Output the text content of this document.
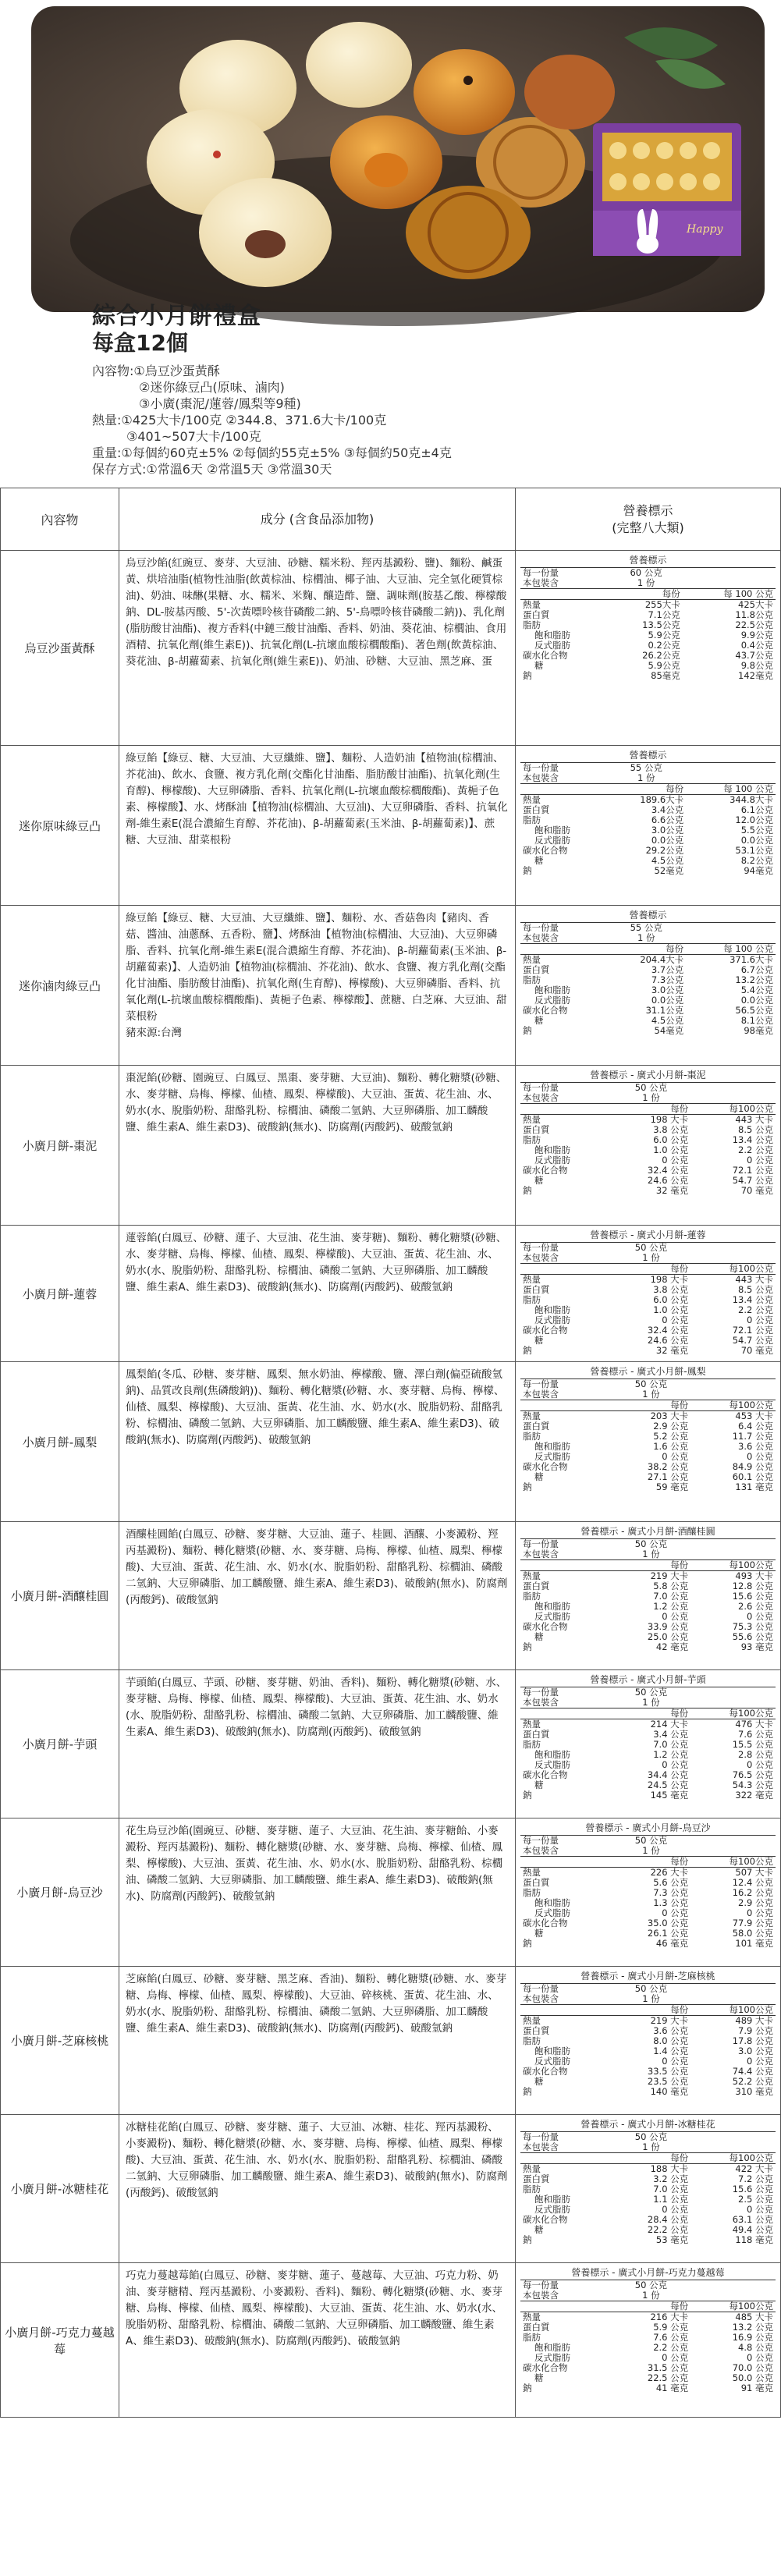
Happy
綜合小月餅禮盒
每盒12個
內容物:①烏豆沙蛋黃酥
②迷你綠豆凸(原味、滷肉)
③小廣(棗泥/蓮蓉/鳳梨等9種)
熱量:①425大卡/100克 ②344.8、371.6大卡/100克
③401~507大卡/100克
重量:①每個約60克±5% ②每個約55克±5% ③每個約50克±4克
保存方式:①常溫6天 ②常溫5天 ③常溫30天
內容物	成分 (含食品添加物)	
營養標示
(完整八大類)

烏豆沙蛋黃酥	烏豆沙餡(紅豌豆、麥芽、大豆油、砂糖、糯米粉、羥丙基澱粉、鹽)、麵粉、鹹蛋黃、烘培油脂(植物性油脂(飲黃棕油、棕櫚油、椰子油、大豆油、完全氫化硬質棕油)、奶油、味醂(果糖、水、糯米、米麴、釀造酢、鹽、調味劑(胺基乙酸、檸檬酸鈉、DL-胺基丙酸、5'-次黃嘌呤核苷磷酸二鈉、5'-鳥嘌呤核苷磷酸二鈉))、乳化劑(脂肪酸甘油酯)、複方香料(中鏈三酸甘油酯、香料、奶油、葵花油、棕櫚油、食用酒精、抗氧化劑(維生素E))、抗氧化劑(L-抗壞血酸棕櫚酸酯)、著色劑(飲黃棕油、葵花油、β-胡蘿蔔素、抗氧化劑(維生素E))、奶油、砂糖、大豆油、黑芝麻、蛋	
營養標示
每一份量	60 公克	
本包裝含	1 份	
	每份	每 100 公克
熱量	255大卡	425大卡
蛋白質	7.1公克	11.8公克
脂肪	13.5公克	22.5公克
飽和脂肪	5.9公克	9.9公克
反式脂肪	0.2公克	0.4公克
碳水化合物	26.2公克	43.7公克
糖	5.9公克	9.8公克
鈉	85毫克	142毫克

迷你原味綠豆凸	綠豆餡【綠豆、糖、大豆油、大豆纖維、鹽】、麵粉、人造奶油【植物油(棕櫚油、芥花油)、飲水、食鹽、複方乳化劑(交酯化甘油酯、脂肪酸甘油酯)、抗氧化劑(生育醇)、檸檬酸)、大豆卵磷脂、香料、抗氧化劑(L-抗壞血酸棕櫚酸酯)、黃梔子色素、檸檬酸】、水、烤酥油【植物油(棕櫚油、大豆油)、大豆卵磷脂、香料、抗氧化劑-維生素E(混合濃縮生育醇、芥花油)、β-胡蘿蔔素(玉米油、β-胡蘿蔔素)】、蔗糖、大豆油、甜菜根粉	
營養標示
每一份量	55 公克	
本包裝含	1 份	
	每份	每 100 公克
熱量	189.6大卡	344.8大卡
蛋白質	3.4公克	6.1公克
脂肪	6.6公克	12.0公克
飽和脂肪	3.0公克	5.5公克
反式脂肪	0.0公克	0.0公克
碳水化合物	29.2公克	53.1公克
糖	4.5公克	8.2公克
鈉	52毫克	94毫克

迷你滷肉綠豆凸	綠豆餡【綠豆、糖、大豆油、大豆纖維、鹽】、麵粉、水、香菇魯肉【豬肉、香菇、醬油、油蔥酥、五香粉、鹽】、烤酥油【植物油(棕櫚油、大豆油)、大豆卵磷脂、香料、抗氧化劑-維生素E(混合濃縮生育醇、芥花油)、β-胡蘿蔔素(玉米油、β-胡蘿蔔素)】、人造奶油【植物油(棕櫚油、芥花油)、飲水、食鹽、複方乳化劑(交酯化甘油酯、脂肪酸甘油酯)、抗氧化劑(生育醇)、檸檬酸)、大豆卵磷脂、香料、抗氧化劑(L-抗壞血酸棕櫚酸酯)、黃梔子色素、檸檬酸】、蔗糖、白芝麻、大豆油、甜菜根粉
豬來源:台灣	
營養標示
每一份量	55 公克	
本包裝含	1 份	
	每份	每 100 公克
熱量	204.4大卡	371.6大卡
蛋白質	3.7公克	6.7公克
脂肪	7.3公克	13.2公克
飽和脂肪	3.0公克	5.4公克
反式脂肪	0.0公克	0.0公克
碳水化合物	31.1公克	56.5公克
糖	4.5公克	8.1公克
鈉	54毫克	98毫克

小廣月餅-棗泥	棗泥餡(砂糖、園豌豆、白鳳豆、黑棗、麥芽糖、大豆油)、麵粉、轉化糖漿(砂糖、水、麥芽糖、烏梅、檸檬、仙楂、鳳梨、檸檬酸)、大豆油、蛋黃、花生油、水、奶水(水、脫脂奶粉、甜酪乳粉、棕櫚油、磷酸二氫鈉、大豆卵磷脂、加工麟酸鹽、維生素A、維生素D3)、破酸鈉(無水)、防腐劑(丙酸鈣)、破酸氫鈉	
營養標示 - 廣式小月餅-棗泥
每一份量	50 公克	
本包裝含	1 份	
	每份	每100公克
熱量	198 大卡	443 大卡
蛋白質	3.8 公克	8.5 公克
脂肪	6.0 公克	13.4 公克
飽和脂肪	1.0 公克	2.2 公克
反式脂肪	0 公克	0 公克
碳水化合物	32.4 公克	72.1 公克
糖	24.6 公克	54.7 公克
鈉	32 毫克	70 毫克

小廣月餅-蓮蓉	蓮蓉餡(白鳳豆、砂糖、蓮子、大豆油、花生油、麥芽糖)、麵粉、轉化糖漿(砂糖、水、麥芽糖、烏梅、檸檬、仙楂、鳳梨、檸檬酸)、大豆油、蛋黃、花生油、水、奶水(水、脫脂奶粉、甜酪乳粉、棕櫚油、磷酸二氫鈉、大豆卵磷脂、加工麟酸鹽、維生素A、維生素D3)、破酸鈉(無水)、防腐劑(丙酸鈣)、破酸氫鈉	
營養標示 - 廣式小月餅-蓮蓉
每一份量	50 公克	
本包裝含	1 份	
	每份	每100公克
熱量	198 大卡	443 大卡
蛋白質	3.8 公克	8.5 公克
脂肪	6.0 公克	13.4 公克
飽和脂肪	1.0 公克	2.2 公克
反式脂肪	0 公克	0 公克
碳水化合物	32.4 公克	72.1 公克
糖	24.6 公克	54.7 公克
鈉	32 毫克	70 毫克

小廣月餅-鳳梨	鳳梨餡(冬瓜、砂糖、麥芽糖、鳳梨、無水奶油、檸檬酸、鹽、澤白劑(偏亞硫酸氫鈉)、品質改良劑(焦磷酸鈉))、麵粉、轉化糖漿(砂糖、水、麥芽糖、烏梅、檸檬、仙楂、鳳梨、檸檬酸)、大豆油、蛋黃、花生油、水、奶水(水、脫脂奶粉、甜酪乳粉、棕櫚油、磷酸二氫鈉、大豆卵磷脂、加工麟酸鹽、維生素A、維生素D3)、破酸鈉(無水)、防腐劑(丙酸鈣)、破酸氫鈉	
營養標示 - 廣式小月餅-鳳梨
每一份量	50 公克	
本包裝含	1 份	
	每份	每100公克
熱量	203 大卡	453 大卡
蛋白質	2.9 公克	6.4 公克
脂肪	5.2 公克	11.7 公克
飽和脂肪	1.6 公克	3.6 公克
反式脂肪	0 公克	0 公克
碳水化合物	38.2 公克	84.9 公克
糖	27.1 公克	60.1 公克
鈉	59 毫克	131 毫克

小廣月餅-酒釀桂圓	酒釀桂圓餡(白鳳豆、砂糖、麥芽糖、大豆油、蓮子、桂圓、酒釀、小麥澱粉、羥丙基澱粉)、麵粉、轉化糖漿(砂糖、水、麥芽糖、烏梅、檸檬、仙楂、鳳梨、檸檬酸)、大豆油、蛋黃、花生油、水、奶水(水、脫脂奶粉、甜酪乳粉、棕櫚油、磷酸二氫鈉、大豆卵磷脂、加工麟酸鹽、維生素A、維生素D3)、破酸鈉(無水)、防腐劑(丙酸鈣)、破酸氫鈉	
營養標示 - 廣式小月餅-酒釀桂圓
每一份量	50 公克	
本包裝含	1 份	
	每份	每100公克
熱量	219 大卡	493 大卡
蛋白質	5.8 公克	12.8 公克
脂肪	7.0 公克	15.6 公克
飽和脂肪	1.2 公克	2.6 公克
反式脂肪	0 公克	0 公克
碳水化合物	33.9 公克	75.3 公克
糖	25.0 公克	55.6 公克
鈉	42 毫克	93 毫克

小廣月餅-芋頭	芋頭餡(白鳳豆、芋頭、砂糖、麥芽糖、奶油、香料)、麵粉、轉化糖漿(砂糖、水、麥芽糖、烏梅、檸檬、仙楂、鳳梨、檸檬酸)、大豆油、蛋黃、花生油、水、奶水(水、脫脂奶粉、甜酪乳粉、棕櫚油、磷酸二氫鈉、大豆卵磷脂、加工麟酸鹽、維生素A、維生素D3)、破酸鈉(無水)、防腐劑(丙酸鈣)、破酸氫鈉	
營養標示 - 廣式小月餅-芋頭
每一份量	50 公克	
本包裝含	1 份	
	每份	每100公克
熱量	214 大卡	476 大卡
蛋白質	3.4 公克	7.6 公克
脂肪	7.0 公克	15.5 公克
飽和脂肪	1.2 公克	2.8 公克
反式脂肪	0 公克	0 公克
碳水化合物	34.4 公克	76.5 公克
糖	24.5 公克	54.3 公克
鈉	145 毫克	322 毫克

小廣月餅-烏豆沙	花生烏豆沙餡(園豌豆、砂糖、麥芽糖、蓮子、大豆油、花生油、麥芽糖飴、小麥澱粉、羥丙基澱粉)、麵粉、轉化糖漿(砂糖、水、麥芽糖、烏梅、檸檬、仙楂、鳳梨、檸檬酸)、大豆油、蛋黃、花生油、水、奶水(水、脫脂奶粉、甜酪乳粉、棕櫚油、磷酸二氫鈉、大豆卵磷脂、加工麟酸鹽、維生素A、維生素D3)、破酸鈉(無水)、防腐劑(丙酸鈣)、破酸氫鈉	
營養標示 - 廣式小月餅-烏豆沙
每一份量	50 公克	
本包裝含	1 份	
	每份	每100公克
熱量	226 大卡	507 大卡
蛋白質	5.6 公克	12.4 公克
脂肪	7.3 公克	16.2 公克
飽和脂肪	1.3 公克	2.9 公克
反式脂肪	0 公克	0 公克
碳水化合物	35.0 公克	77.9 公克
糖	26.1 公克	58.0 公克
鈉	46 毫克	101 毫克

小廣月餅-芝麻核桃	芝麻餡(白鳳豆、砂糖、麥芽糖、黑芝麻、香油)、麵粉、轉化糖漿(砂糖、水、麥芽糖、烏梅、檸檬、仙楂、鳳梨、檸檬酸)、大豆油、碎核桃、蛋黃、花生油、水、奶水(水、脫脂奶粉、甜酪乳粉、棕櫚油、磷酸二氫鈉、大豆卵磷脂、加工麟酸鹽、維生素A、維生素D3)、破酸鈉(無水)、防腐劑(丙酸鈣)、破酸氫鈉	
營養標示 - 廣式小月餅-芝麻核桃
每一份量	50 公克	
本包裝含	1 份	
	每份	每100公克
熱量	219 大卡	489 大卡
蛋白質	3.6 公克	7.9 公克
脂肪	8.0 公克	17.8 公克
飽和脂肪	1.4 公克	3.0 公克
反式脂肪	0 公克	0 公克
碳水化合物	33.5 公克	74.4 公克
糖	23.5 公克	52.2 公克
鈉	140 毫克	310 毫克

小廣月餅-冰糖桂花	冰糖桂花餡(白鳳豆、砂糖、麥芽糖、蓮子、大豆油、冰糖、桂花、羥丙基澱粉、小麥澱粉)、麵粉、轉化糖漿(砂糖、水、麥芽糖、烏梅、檸檬、仙楂、鳳梨、檸檬酸)、大豆油、蛋黃、花生油、水、奶水(水、脫脂奶粉、甜酪乳粉、棕櫚油、磷酸二氫鈉、大豆卵磷脂、加工麟酸鹽、維生素A、維生素D3)、破酸鈉(無水)、防腐劑(丙酸鈣)、破酸氫鈉	
營養標示 - 廣式小月餅-冰糖桂花
每一份量	50 公克	
本包裝含	1 份	
	每份	每100公克
熱量	188 大卡	422 大卡
蛋白質	3.2 公克	7.2 公克
脂肪	7.0 公克	15.6 公克
飽和脂肪	1.1 公克	2.5 公克
反式脂肪	0 公克	0 公克
碳水化合物	28.4 公克	63.1 公克
糖	22.2 公克	49.4 公克
鈉	53 毫克	118 毫克

小廣月餅-巧克力蔓越莓	巧克力蔓越莓餡(白鳳豆、砂糖、麥芽糖、蓮子、蔓越莓、大豆油、巧克力粉、奶油、麥芽糖精、羥丙基澱粉、小麥澱粉、香料)、麵粉、轉化糖漿(砂糖、水、麥芽糖、烏梅、檸檬、仙楂、鳳梨、檸檬酸)、大豆油、蛋黃、花生油、水、奶水(水、脫脂奶粉、甜酪乳粉、棕櫚油、磷酸二氫鈉、大豆卵磷脂、加工麟酸鹽、維生素A、維生素D3)、破酸鈉(無水)、防腐劑(丙酸鈣)、破酸氫鈉	
營養標示 - 廣式小月餅-巧克力蔓越莓
每一份量	50 公克	
本包裝含	1 份	
	每份	每100公克
熱量	216 大卡	485 大卡
蛋白質	5.9 公克	13.2 公克
脂肪	7.6 公克	16.9 公克
飽和脂肪	2.2 公克	4.8 公克
反式脂肪	0 公克	0 公克
碳水化合物	31.5 公克	70.0 公克
糖	22.5 公克	50.0 公克
鈉	41 毫克	91 毫克
